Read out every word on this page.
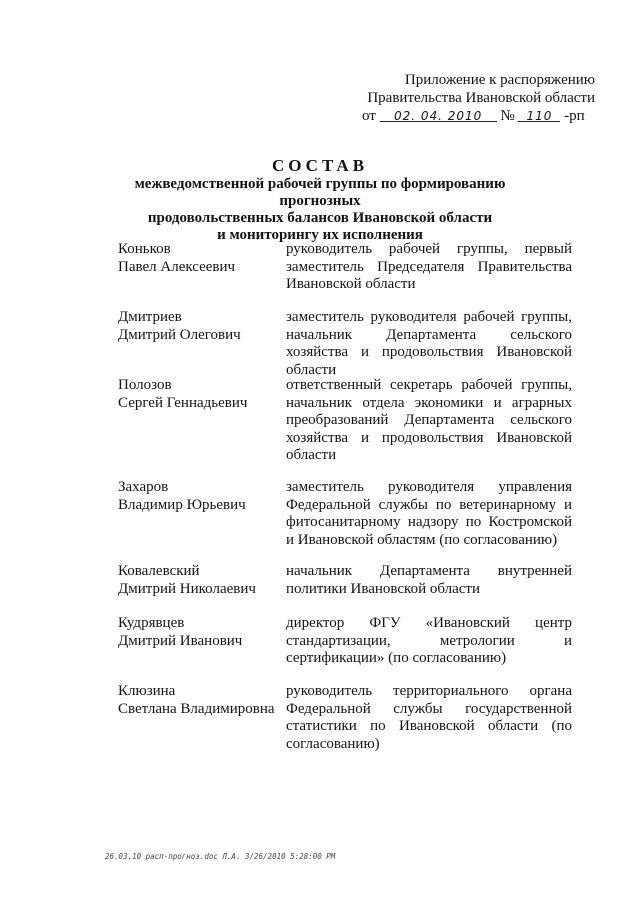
Приложение к распоряжению
Правительства Ивановской области
от 02. 04. 2010 № 110 -рп
СОСТАВ
межведомственной рабочей группы по формированию прогнозных
продовольственных балансов Ивановской области
и мониторингу их исполнения
Коньков
Павел Алексеевич
руководитель рабочей группы, первый заместитель Председателя Правительства Ивановской области
Дмитриев
Дмитрий Олегович
заместитель руководителя рабочей группы, начальник Департамента сельского хозяйства и продовольствия Ивановской области
Полозов
Сергей Геннадьевич
ответственный секретарь рабочей группы, начальник отдела экономики и аграрных преобразований Департамента сельского хозяйства и продовольствия Ивановской области
Захаров
Владимир Юрьевич
заместитель руководителя управления Федеральной службы по ветеринарному и фитосанитарному надзору по Костромской и Ивановской областям (по согласованию)
Ковалевский
Дмитрий Николаевич
начальник Департамента внутренней политики Ивановской области
Кудрявцев
Дмитрий Иванович
директор ФГУ «Ивановский центр стандартизации, метрологии и сертификации» (по согласованию)
Клюзина
Светлана Владимировна
руководитель территориального органа Федеральной службы государственной статистики по Ивановской области (по согласованию)
26.03.10 расп-прогноз.doc Л.А. 3/26/2010 5:28:00 PM
